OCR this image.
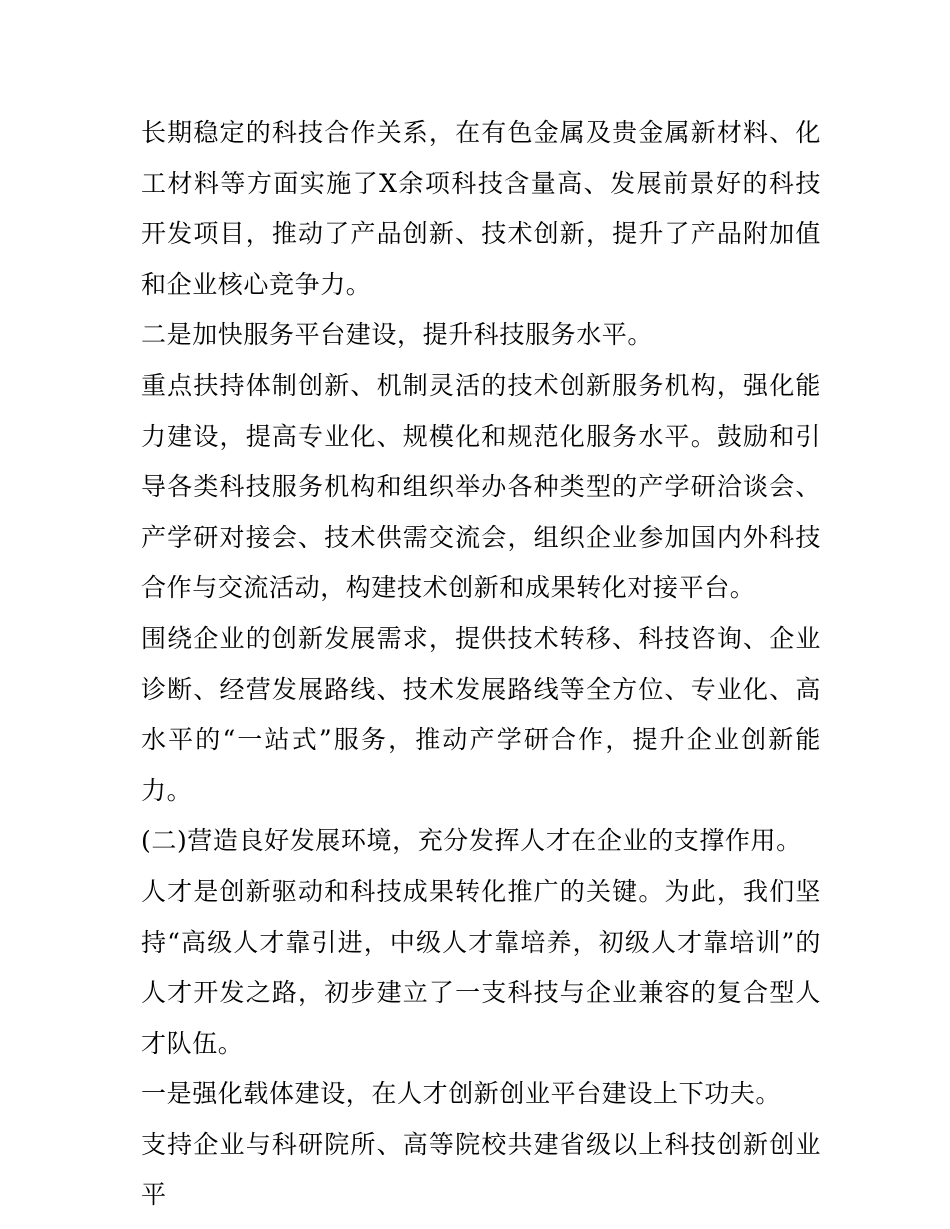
长期稳定的科技合作关系，在有色金属及贵金属新材料、化工材料等方面实施了X余项科技含量高、发展前景好的科技开发项目，推动了产品创新、技术创新，提升了产品附加值和企业核心竞争力。

二是加快服务平台建设，提升科技服务水平。

重点扶持体制创新、机制灵活的技术创新服务机构，强化能力建设，提高专业化、规模化和规范化服务水平。鼓励和引导各类科技服务机构和组织举办各种类型的产学研洽谈会、产学研对接会、技术供需交流会，组织企业参加国内外科技合作与交流活动，构建技术创新和成果转化对接平台。

围绕企业的创新发展需求，提供技术转移、科技咨询、企业诊断、经营发展路线、技术发展路线等全方位、专业化、高水平的“一站式”服务，推动产学研合作，提升企业创新能力。

(二)营造良好发展环境，充分发挥人才在企业的支撑作用。

人才是创新驱动和科技成果转化推广的关键。为此，我们坚持“高级人才靠引进，中级人才靠培养，初级人才靠培训”的人才开发之路，初步建立了一支科技与企业兼容的复合型人才队伍。

一是强化载体建设，在人才创新创业平台建设上下功夫。

支持企业与科研院所、高等院校共建省级以上科技创新创业平
